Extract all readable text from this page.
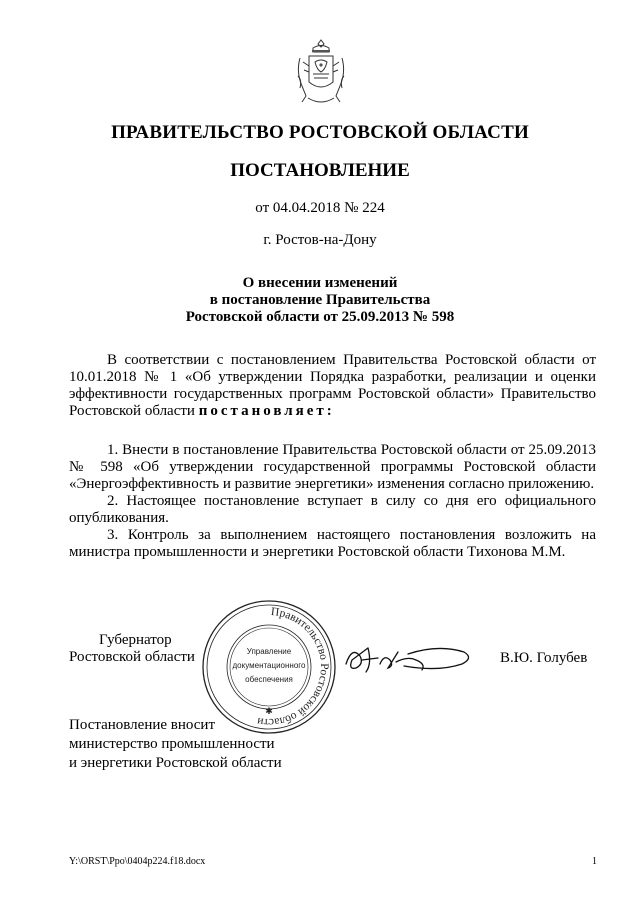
ПРАВИТЕЛЬСТВО РОСТОВСКОЙ ОБЛАСТИ
ПОСТАНОВЛЕНИЕ
от 04.04.2018 № 224
г. Ростов-на-Дону
О внесении изменений
в постановление Правительства
Ростовской области от 25.09.2013 № 598

В соответствии с постановлением Правительства Ростовской области от 10.01.2018 № 1 «Об утверждении Порядка разработки, реализации и оценки эффективности государственных программ Ростовской области» Правительство Ростовской области постановляет:

1. Внести в постановление Правительства Ростовской области от 25.09.2013 № 598 «Об утверждении государственной программы Ростовской области «Энергоэффективность и развитие энергетики» изменения согласно приложению.

2. Настоящее постановление вступает в силу со дня его официального опубликования.

3. Контроль за выполнением настоящего постановления возложить на министра промышленности и энергетики Ростовской области Тихонова М.М.

Губернатор
Ростовской области
Правительство Ростовской области
Управление
документационного
обеспечения
✱
В.Ю. Голубев
Постановление вносит
министерство промышленности
и энергетики Ростовской области
Y:\ORST\Ppo\0404p224.f18.docx	1
